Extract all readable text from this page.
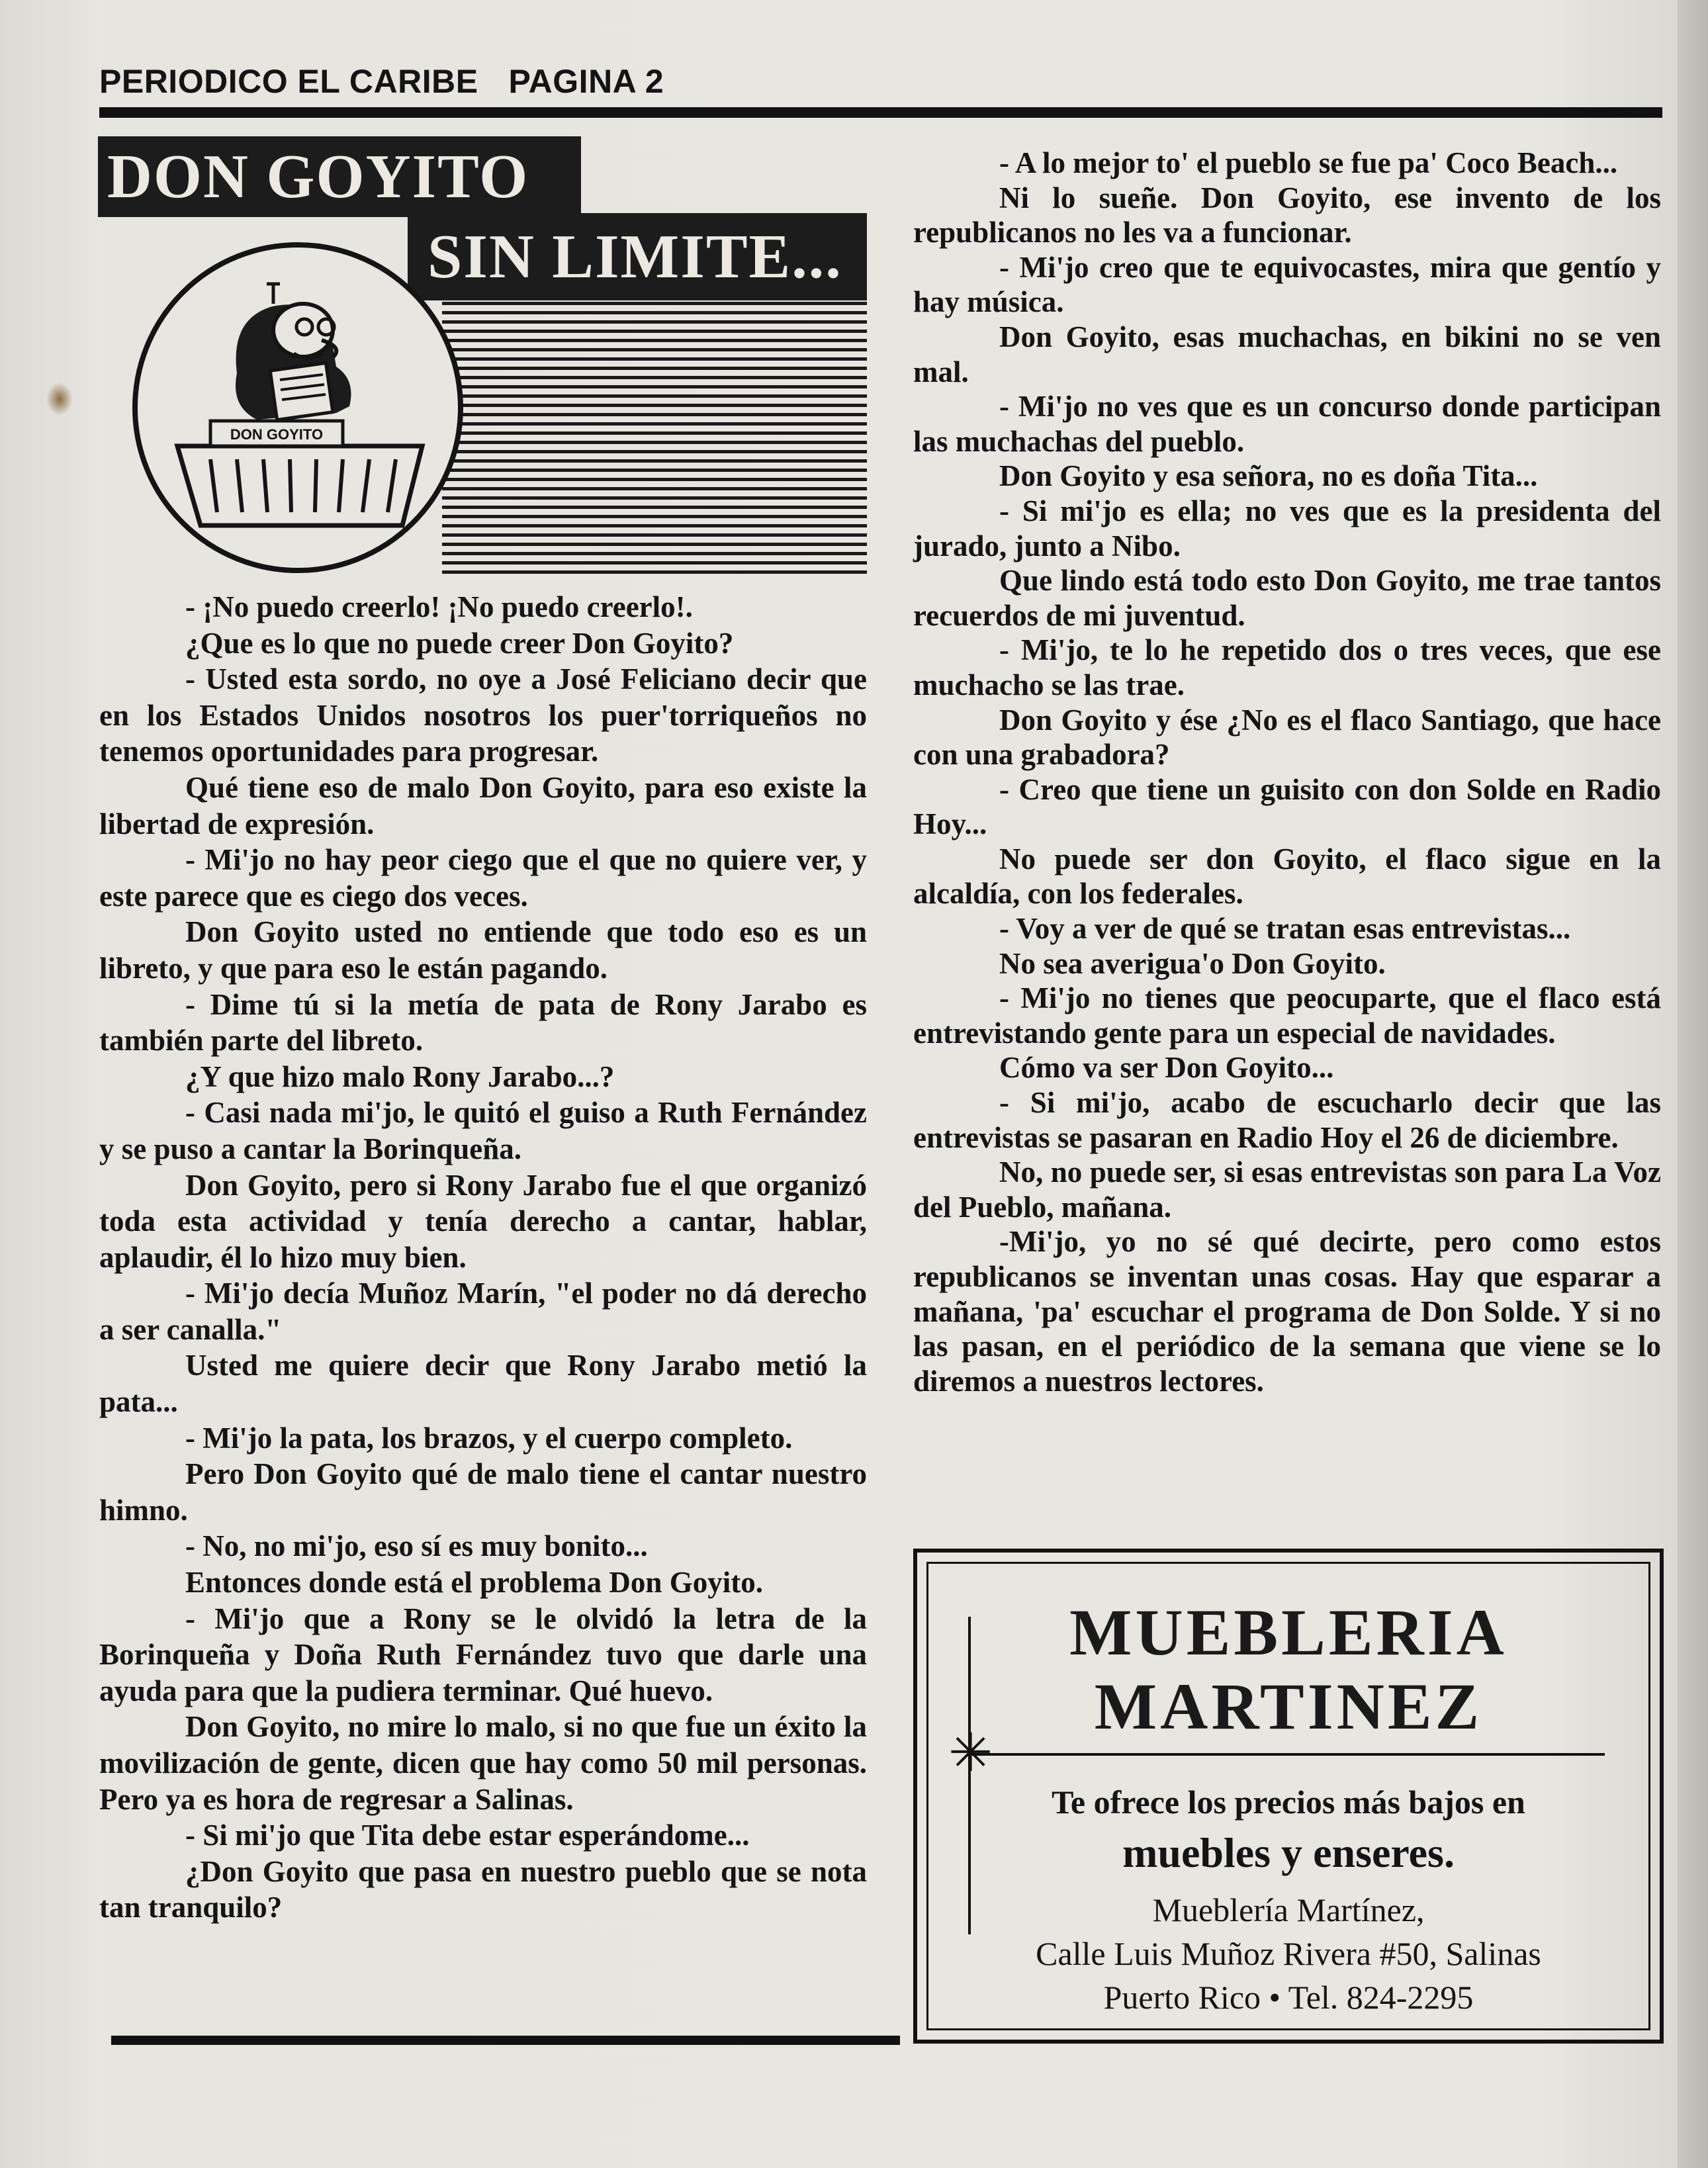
PERIODICO EL CARIBE PAGINA 2
DON GOYITO
SIN LIMITE...
DON GOYITO

- ¡No puedo creerlo! ¡No puedo creerlo!.

¿Que es lo que no puede creer Don Goyito?

- Usted esta sordo, no oye a José Feliciano decir que en los Estados Unidos nosotros los puer'torriqueños no tenemos oportunidades para progresar.

Qué tiene eso de malo Don Goyito, para eso existe la libertad de expresión.

- Mi'jo no hay peor ciego que el que no quiere ver, y este parece que es ciego dos veces.

Don Goyito usted no entiende que todo eso es un libreto, y que para eso le están pagando.

- Dime tú si la metía de pata de Rony Jarabo es también parte del libreto.

¿Y que hizo malo Rony Jarabo...?

- Casi nada mi'jo, le quitó el guiso a Ruth Fernández y se puso a cantar la Borinqueña.

Don Goyito, pero si Rony Jarabo fue el que organizó toda esta actividad y tenía derecho a cantar, hablar, aplaudir, él lo hizo muy bien.

- Mi'jo decía Muñoz Marín, "el poder no dá derecho a ser canalla."

Usted me quiere decir que Rony Jarabo metió la pata...

- Mi'jo la pata, los brazos, y el cuerpo completo.

Pero Don Goyito qué de malo tiene el cantar nuestro himno.

- No, no mi'jo, eso sí es muy bonito...

Entonces donde está el problema Don Goyito.

- Mi'jo que a Rony se le olvidó la letra de la Borinqueña y Doña Ruth Fernández tuvo que darle una ayuda para que la pudiera terminar. Qué huevo.

Don Goyito, no mire lo malo, si no que fue un éxito la movilización de gente, dicen que hay como 50 mil personas. Pero ya es hora de regresar a Salinas.

- Si mi'jo que Tita debe estar esperándome...

¿Don Goyito que pasa en nuestro pueblo que se nota tan tranquilo?

- A lo mejor to' el pueblo se fue pa' Coco Beach...

Ni lo sueñe. Don Goyito, ese invento de los republicanos no les va a funcionar.

- Mi'jo creo que te equivocastes, mira que gentío y hay música.

Don Goyito, esas muchachas, en bikini no se ven mal.

- Mi'jo no ves que es un concurso donde participan las muchachas del pueblo.

Don Goyito y esa señora, no es doña Tita...

- Si mi'jo es ella; no ves que es la presidenta del jurado, junto a Nibo.

Que lindo está todo esto Don Goyito, me trae tantos recuerdos de mi juventud.

- Mi'jo, te lo he repetido dos o tres veces, que ese muchacho se las trae.

Don Goyito y ése ¿No es el flaco Santiago, que hace con una grabadora?

- Creo que tiene un guisito con don Solde en Radio Hoy...

No puede ser don Goyito, el flaco sigue en la alcaldía, con los federales.

- Voy a ver de qué se tratan esas entrevistas...

No sea averigua'o Don Goyito.

- Mi'jo no tienes que peocuparte, que el flaco está entrevistando gente para un especial de navidades.

Cómo va ser Don Goyito...

- Si mi'jo, acabo de escucharlo decir que las entrevistas se pasaran en Radio Hoy el 26 de diciembre.

No, no puede ser, si esas entrevistas son para La Voz del Pueblo, mañana.

-Mi'jo, yo no sé qué decirte, pero como estos republicanos se inventan unas cosas. Hay que esparar a mañana, 'pa' escuchar el programa de Don Solde. Y si no las pasan, en el periódico de la semana que viene se lo diremos a nuestros lectores.

✳
MUEBLERIA
MARTINEZ
Te ofrece los precios más bajos en
muebles y enseres.
Mueblería Martínez,
Calle Luis Muñoz Rivera #50, Salinas
Puerto Rico • Tel. 824-2295
